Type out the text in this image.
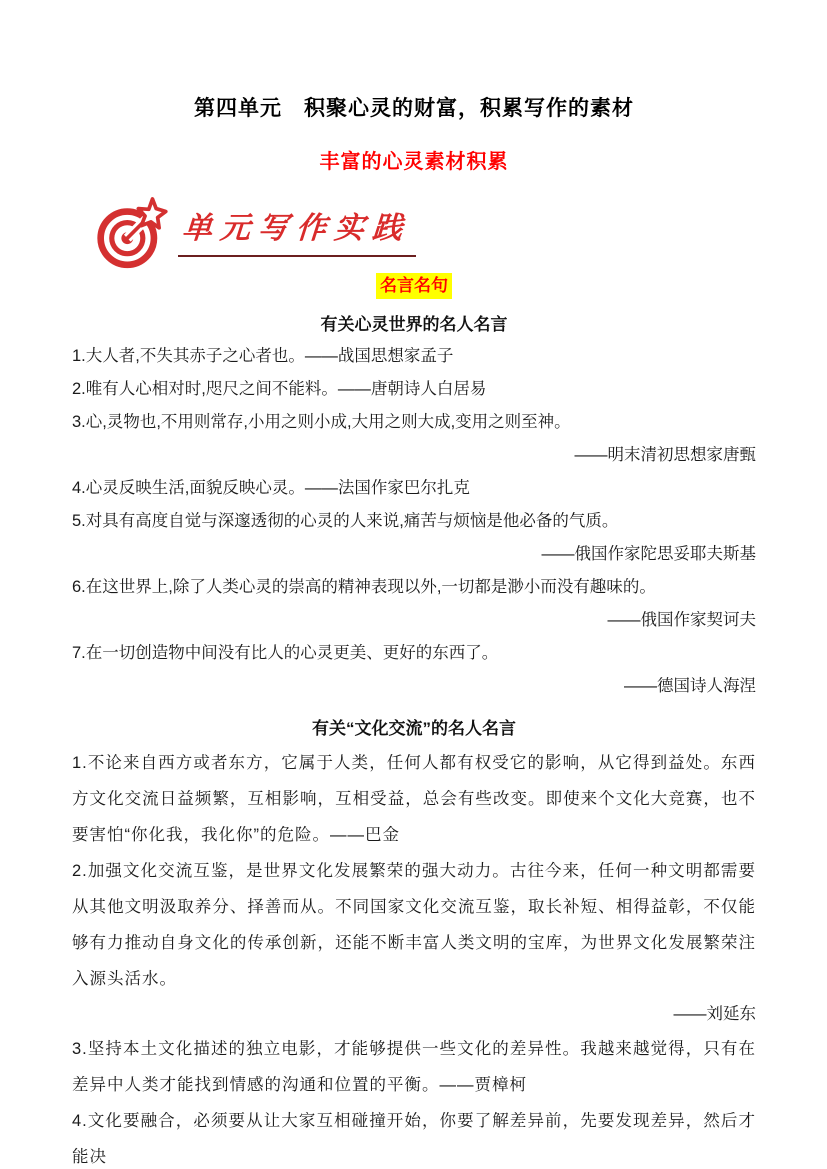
第四单元　积聚心灵的财富，积累写作的素材
丰富的心灵素材积累
单元写作实践
名言名句
有关心灵世界的名人名言
1.大人者,不失其赤子之心者也。——战国思想家孟子
2.唯有人心相对时,咫尺之间不能料。——唐朝诗人白居易
3.心,灵物也,不用则常存,小用之则小成,大用之则大成,变用之则至神。
——明末清初思想家唐甄
4.心灵反映生活,面貌反映心灵。——法国作家巴尔扎克
5.对具有高度自觉与深邃透彻的心灵的人来说,痛苦与烦恼是他必备的气质。
——俄国作家陀思妥耶夫斯基
6.在这世界上,除了人类心灵的崇高的精神表现以外,一切都是渺小而没有趣味的。
——俄国作家契诃夫
7.在一切创造物中间没有比人的心灵更美、更好的东西了。
——德国诗人海涅
有关“文化交流”的名人名言

1.不论来自西方或者东方，它属于人类，任何人都有权受它的影响，从它得到益处。东西方文化交流日益频繁，互相影响，互相受益，总会有些改变。即使来个文化大竞赛，也不要害怕“你化我，我化你”的危险。——巴金

2.加强文化交流互鉴，是世界文化发展繁荣的强大动力。古往今来，任何一种文明都需要从其他文明汲取养分、择善而从。不同国家文化交流互鉴，取长补短、相得益彰，不仅能够有力推动自身文化的传承创新，还能不断丰富人类文明的宝库，为世界文化发展繁荣注入源头活水。

——刘延东

3.坚持本土文化描述的独立电影，才能够提供一些文化的差异性。我越来越觉得，只有在差异中人类才能找到情感的沟通和位置的平衡。——贾樟柯

4.文化要融合，必须要从让大家互相碰撞开始，你要了解差异前，先要发现差异，然后才能决
